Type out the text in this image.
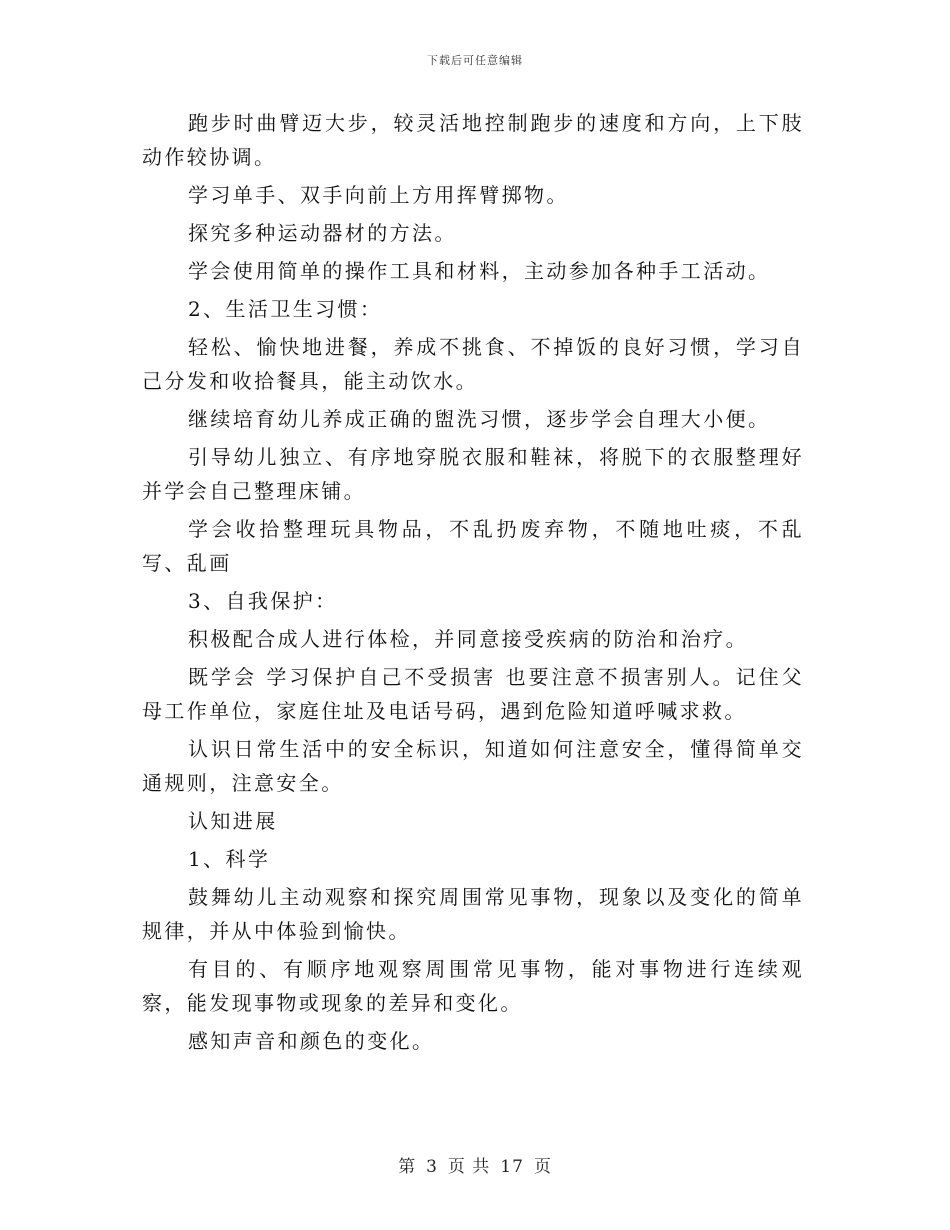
下载后可任意编辑

跑步时曲臂迈大步，较灵活地控制跑步的速度和方向，上下肢动作较协调。

学习单手、双手向前上方用挥臂掷物。

探究多种运动器材的方法。

学会使用简单的操作工具和材料，主动参加各种手工活动。

2、生活卫生习惯：

轻松、愉快地进餐，养成不挑食、不掉饭的良好习惯，学习自己分发和收拾餐具，能主动饮水。

继续培育幼儿养成正确的盥洗习惯，逐步学会自理大小便。

引导幼儿独立、有序地穿脱衣服和鞋袜，将脱下的衣服整理好并学会自己整理床铺。

学会收拾整理玩具物品，不乱扔废弃物，不随地吐痰，不乱写、乱画

3、自我保护：

积极配合成人进行体检，并同意接受疾病的防治和治疗。

既学会 学习保护自己不受损害 也要注意不损害别人。记住父母工作单位，家庭住址及电话号码，遇到危险知道呼喊求救。

认识日常生活中的安全标识，知道如何注意安全，懂得简单交通规则，注意安全。

认知进展

1、科学

鼓舞幼儿主动观察和探究周围常见事物，现象以及变化的简单规律，并从中体验到愉快。

有目的、有顺序地观察周围常见事物，能对事物进行连续观察，能发现事物或现象的差异和变化。

感知声音和颜色的变化。

第 3 页 共 17 页
